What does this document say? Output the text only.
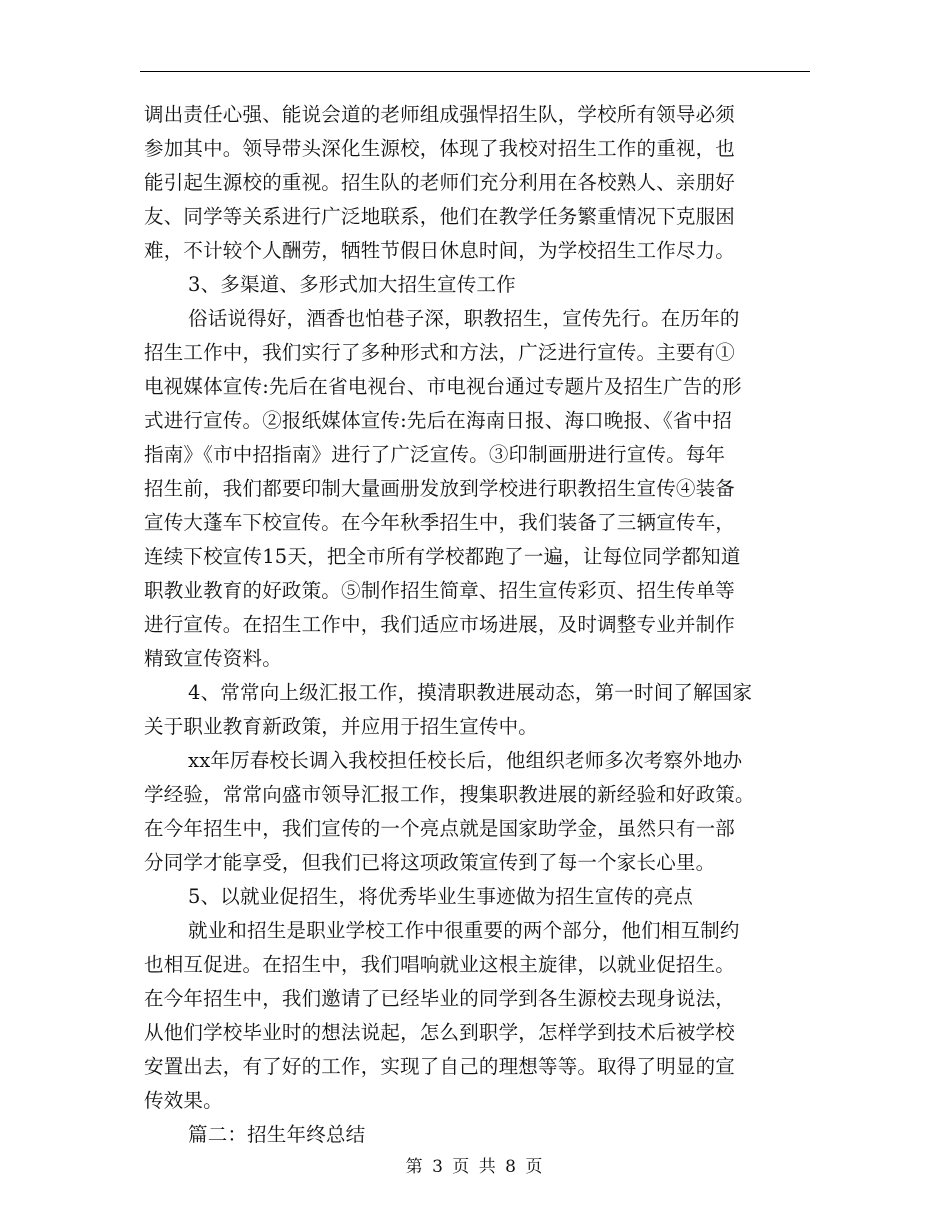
调出责任心强、能说会道的老师组成强悍招生队，学校所有领导必须
参加其中。领导带头深化生源校，体现了我校对招生工作的重视，也
能引起生源校的重视。招生队的老师们充分利用在各校熟人、亲朋好
友、同学等关系进行广泛地联系，他们在教学任务繁重情况下克服困
难，不计较个人酬劳，牺牲节假日休息时间，为学校招生工作尽力。
3、多渠道、多形式加大招生宣传工作
俗话说得好，酒香也怕巷子深，职教招生，宣传先行。在历年的
招生工作中，我们实行了多种形式和方法，广泛进行宣传。主要有①
电视媒体宣传:先后在省电视台、市电视台通过专题片及招生广告的形
式进行宣传。②报纸媒体宣传:先后在海南日报、海口晚报、《省中招
指南》《市中招指南》进行了广泛宣传。③印制画册进行宣传。每年
招生前，我们都要印制大量画册发放到学校进行职教招生宣传④装备
宣传大蓬车下校宣传。在今年秋季招生中，我们装备了三辆宣传车，
连续下校宣传15天，把全市所有学校都跑了一遍，让每位同学都知道
职教业教育的好政策。⑤制作招生简章、招生宣传彩页、招生传单等
进行宣传。在招生工作中，我们适应市场进展，及时调整专业并制作
精致宣传资料。
4、常常向上级汇报工作，摸清职教进展动态，第一时间了解国家
关于职业教育新政策，并应用于招生宣传中。
xx年厉春校长调入我校担任校长后，他组织老师多次考察外地办
学经验，常常向盛市领导汇报工作，搜集职教进展的新经验和好政策。
在今年招生中，我们宣传的一个亮点就是国家助学金，虽然只有一部
分同学才能享受，但我们已将这项政策宣传到了每一个家长心里。
5、以就业促招生，将优秀毕业生事迹做为招生宣传的亮点
就业和招生是职业学校工作中很重要的两个部分，他们相互制约
也相互促进。在招生中，我们唱响就业这根主旋律，以就业促招生。
在今年招生中，我们邀请了已经毕业的同学到各生源校去现身说法，
从他们学校毕业时的想法说起，怎么到职学，怎样学到技术后被学校
安置出去，有了好的工作，实现了自己的理想等等。取得了明显的宣
传效果。
篇二：招生年终总结
第 3 页 共 8 页
